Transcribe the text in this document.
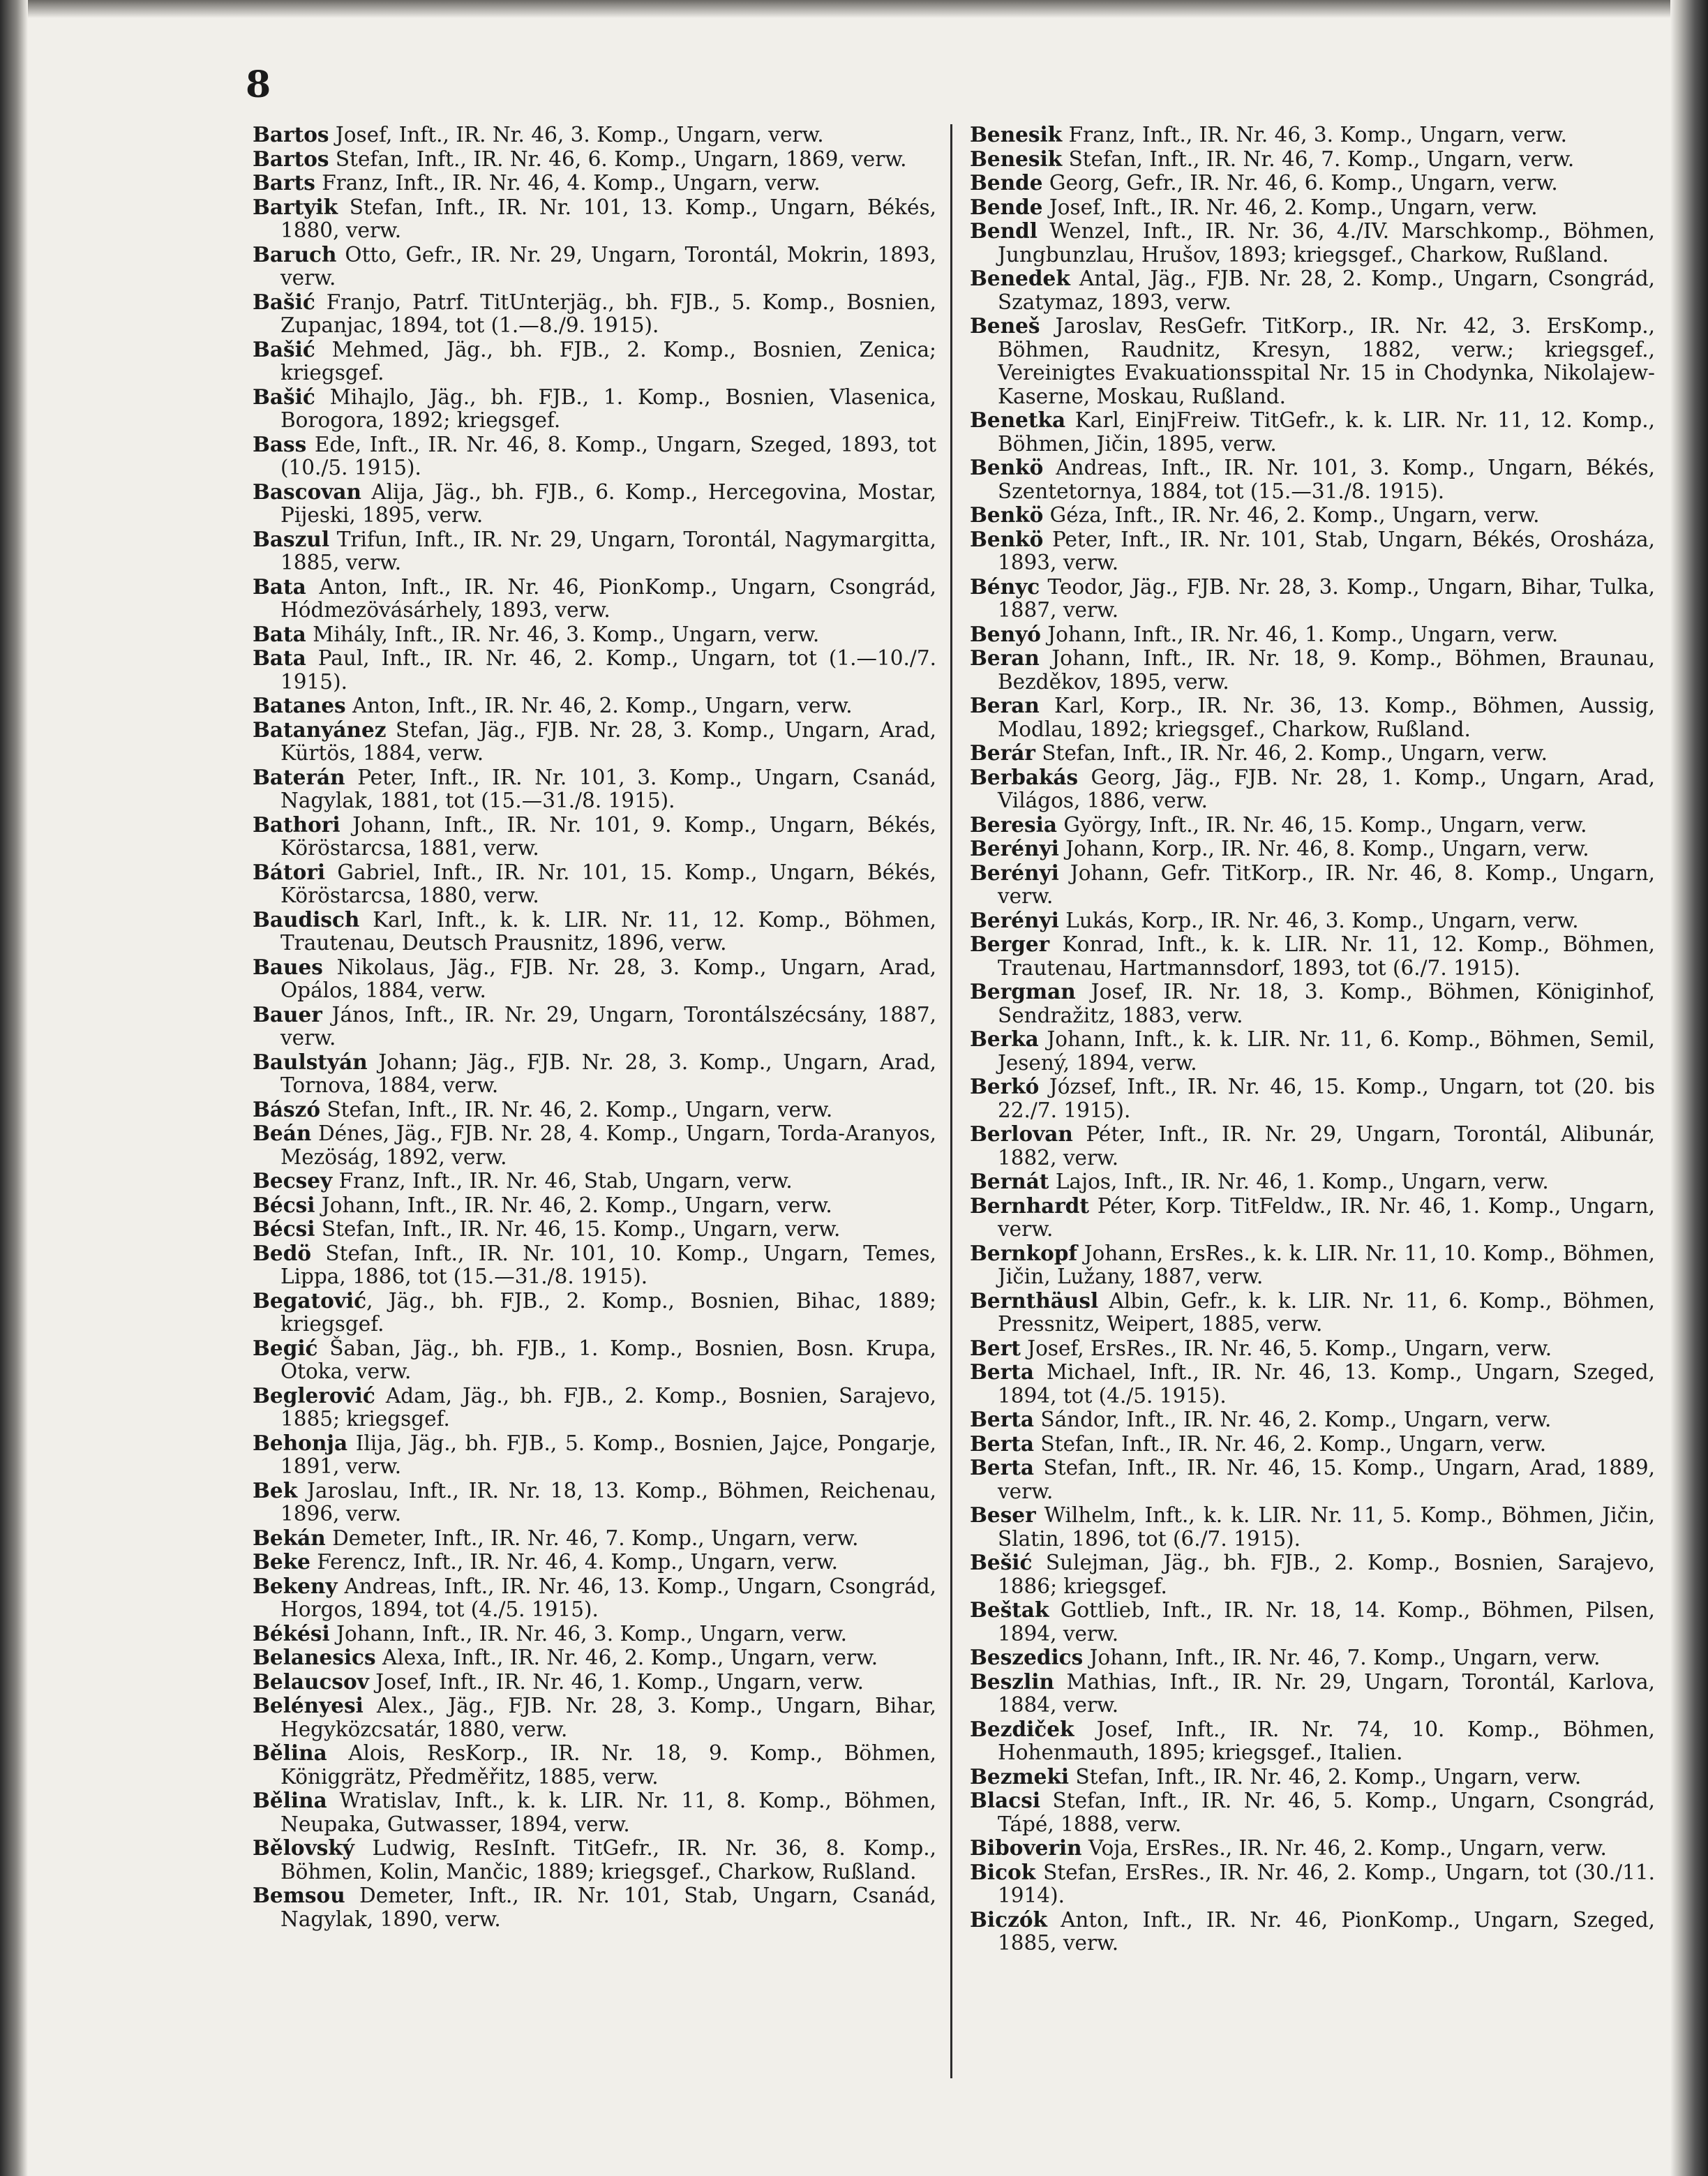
8

Bartos Josef, Inft., IR. Nr. 46, 3. Komp., Ungarn, verw.

Bartos Stefan, Inft., IR. Nr. 46, 6. Komp., Ungarn, 1869, verw.

Barts Franz, Inft., IR. Nr. 46, 4. Komp., Ungarn, verw.

Bartyik Stefan, Inft., IR. Nr. 101, 13. Komp., Ungarn, Békés, 1880, verw.

Baruch Otto, Gefr., IR. Nr. 29, Ungarn, Torontál, Mokrin, 1893, verw.

Bašić Franjo, Patrf. TitUnterjäg., bh. FJB., 5. Komp., Bosnien, Zupanjac, 1894, tot (1.—8./9. 1915).

Bašić Mehmed, Jäg., bh. FJB., 2. Komp., Bosnien, Zenica; kriegsgef.

Bašić Mihajlo, Jäg., bh. FJB., 1. Komp., Bosnien, Vlasenica, Borogora, 1892; kriegsgef.

Bass Ede, Inft., IR. Nr. 46, 8. Komp., Ungarn, Szeged, 1893, tot (10./5. 1915).

Bascovan Alija, Jäg., bh. FJB., 6. Komp., Hercegovina, Mostar, Pijeski, 1895, verw.

Baszul Trifun, Inft., IR. Nr. 29, Ungarn, Torontál, Nagymargitta, 1885, verw.

Bata Anton, Inft., IR. Nr. 46, PionKomp., Ungarn, Csongrád, Hódmezövásárhely, 1893, verw.

Bata Mihály, Inft., IR. Nr. 46, 3. Komp., Ungarn, verw.

Bata Paul, Inft., IR. Nr. 46, 2. Komp., Ungarn, tot (1.—10./7. 1915).

Batanes Anton, Inft., IR. Nr. 46, 2. Komp., Ungarn, verw.

Batanyánez Stefan, Jäg., FJB. Nr. 28, 3. Komp., Ungarn, Arad, Kürtös, 1884, verw.

Baterán Peter, Inft., IR. Nr. 101, 3. Komp., Ungarn, Csanád, Nagylak, 1881, tot (15.—31./8. 1915).

Bathori Johann, Inft., IR. Nr. 101, 9. Komp., Ungarn, Békés, Köröstarcsa, 1881, verw.

Bátori Gabriel, Inft., IR. Nr. 101, 15. Komp., Ungarn, Békés, Köröstarcsa, 1880, verw.

Baudisch Karl, Inft., k. k. LIR. Nr. 11, 12. Komp., Böhmen, Trautenau, Deutsch Prausnitz, 1896, verw.

Baues Nikolaus, Jäg., FJB. Nr. 28, 3. Komp., Ungarn, Arad, Opálos, 1884, verw.

Bauer János, Inft., IR. Nr. 29, Ungarn, Torontálszécsány, 1887, verw.

Baulstyán Johann; Jäg., FJB. Nr. 28, 3. Komp., Ungarn, Arad, Tornova, 1884, verw.

Bászó Stefan, Inft., IR. Nr. 46, 2. Komp., Ungarn, verw.

Beán Dénes, Jäg., FJB. Nr. 28, 4. Komp., Ungarn, Torda-Aranyos, Mezöság, 1892, verw.

Becsey Franz, Inft., IR. Nr. 46, Stab, Ungarn, verw.

Bécsi Johann, Inft., IR. Nr. 46, 2. Komp., Ungarn, verw.

Bécsi Stefan, Inft., IR. Nr. 46, 15. Komp., Ungarn, verw.

Bedö Stefan, Inft., IR. Nr. 101, 10. Komp., Ungarn, Temes, Lippa, 1886, tot (15.—31./8. 1915).

Begatović, Jäg., bh. FJB., 2. Komp., Bosnien, Bihac, 1889; kriegsgef.

Begić Šaban, Jäg., bh. FJB., 1. Komp., Bosnien, Bosn. Krupa, Otoka, verw.

Beglerović Adam, Jäg., bh. FJB., 2. Komp., Bosnien, Sarajevo, 1885; kriegsgef.

Behonja Ilija, Jäg., bh. FJB., 5. Komp., Bosnien, Jajce, Pongarje, 1891, verw.

Bek Jaroslau, Inft., IR. Nr. 18, 13. Komp., Böhmen, Reichenau, 1896, verw.

Bekán Demeter, Inft., IR. Nr. 46, 7. Komp., Ungarn, verw.

Beke Ferencz, Inft., IR. Nr. 46, 4. Komp., Ungarn, verw.

Bekeny Andreas, Inft., IR. Nr. 46, 13. Komp., Ungarn, Csongrád, Horgos, 1894, tot (4./5. 1915).

Békési Johann, Inft., IR. Nr. 46, 3. Komp., Ungarn, verw.

Belanesics Alexa, Inft., IR. Nr. 46, 2. Komp., Ungarn, verw.

Belaucsov Josef, Inft., IR. Nr. 46, 1. Komp., Ungarn, verw.

Belényesi Alex., Jäg., FJB. Nr. 28, 3. Komp., Ungarn, Bihar, Hegyközcsatár, 1880, verw.

Bělina Alois, ResKorp., IR. Nr. 18, 9. Komp., Böhmen, Königgrätz, Předměřitz, 1885, verw.

Bělina Wratislav, Inft., k. k. LIR. Nr. 11, 8. Komp., Böhmen, Neupaka, Gutwasser, 1894, verw.

Bělovský Ludwig, ResInft. TitGefr., IR. Nr. 36, 8. Komp., Böhmen, Kolin, Mančic, 1889; kriegsgef., Charkow, Rußland.

Bemsou Demeter, Inft., IR. Nr. 101, Stab, Ungarn, Csanád, Nagylak, 1890, verw.

Benesik Franz, Inft., IR. Nr. 46, 3. Komp., Ungarn, verw.

Benesik Stefan, Inft., IR. Nr. 46, 7. Komp., Ungarn, verw.

Bende Georg, Gefr., IR. Nr. 46, 6. Komp., Ungarn, verw.

Bende Josef, Inft., IR. Nr. 46, 2. Komp., Ungarn, verw.

Bendl Wenzel, Inft., IR. Nr. 36, 4./IV. Marschkomp., Böhmen, Jungbunzlau, Hrušov, 1893; kriegsgef., Charkow, Rußland.

Benedek Antal, Jäg., FJB. Nr. 28, 2. Komp., Ungarn, Csongrád, Szatymaz, 1893, verw.

Beneš Jaroslav, ResGefr. TitKorp., IR. Nr. 42, 3. ErsKomp., Böhmen, Raudnitz, Kresyn, 1882, verw.; kriegsgef., Vereinigtes Evakuationsspital Nr. 15 in Chodynka, Nikolajew-Kaserne, Moskau, Rußland.

Benetka Karl, EinjFreiw. TitGefr., k. k. LIR. Nr. 11, 12. Komp., Böhmen, Jičin, 1895, verw.

Benkö Andreas, Inft., IR. Nr. 101, 3. Komp., Ungarn, Békés, Szentetornya, 1884, tot (15.—31./8. 1915).

Benkö Géza, Inft., IR. Nr. 46, 2. Komp., Ungarn, verw.

Benkö Peter, Inft., IR. Nr. 101, Stab, Ungarn, Békés, Orosháza, 1893, verw.

Bényc Teodor, Jäg., FJB. Nr. 28, 3. Komp., Ungarn, Bihar, Tulka, 1887, verw.

Benyó Johann, Inft., IR. Nr. 46, 1. Komp., Ungarn, verw.

Beran Johann, Inft., IR. Nr. 18, 9. Komp., Böhmen, Braunau, Bezděkov, 1895, verw.

Beran Karl, Korp., IR. Nr. 36, 13. Komp., Böhmen, Aussig, Modlau, 1892; kriegsgef., Charkow, Rußland.

Berár Stefan, Inft., IR. Nr. 46, 2. Komp., Ungarn, verw.

Berbakás Georg, Jäg., FJB. Nr. 28, 1. Komp., Ungarn, Arad, Világos, 1886, verw.

Beresia György, Inft., IR. Nr. 46, 15. Komp., Ungarn, verw.

Berényi Johann, Korp., IR. Nr. 46, 8. Komp., Ungarn, verw.

Berényi Johann, Gefr. TitKorp., IR. Nr. 46, 8. Komp., Ungarn, verw.

Berényi Lukás, Korp., IR. Nr. 46, 3. Komp., Ungarn, verw.

Berger Konrad, Inft., k. k. LIR. Nr. 11, 12. Komp., Böhmen, Trautenau, Hartmannsdorf, 1893, tot (6./7. 1915).

Bergman Josef, IR. Nr. 18, 3. Komp., Böhmen, Königinhof, Sendražitz, 1883, verw.

Berka Johann, Inft., k. k. LIR. Nr. 11, 6. Komp., Böhmen, Semil, Jesený, 1894, verw.

Berkó József, Inft., IR. Nr. 46, 15. Komp., Ungarn, tot (20. bis 22./7. 1915).

Berlovan Péter, Inft., IR. Nr. 29, Ungarn, Torontál, Alibunár, 1882, verw.

Bernát Lajos, Inft., IR. Nr. 46, 1. Komp., Ungarn, verw.

Bernhardt Péter, Korp. TitFeldw., IR. Nr. 46, 1. Komp., Ungarn, verw.

Bernkopf Johann, ErsRes., k. k. LIR. Nr. 11, 10. Komp., Böhmen, Jičin, Lužany, 1887, verw.

Bernthäusl Albin, Gefr., k. k. LIR. Nr. 11, 6. Komp., Böhmen, Pressnitz, Weipert, 1885, verw.

Bert Josef, ErsRes., IR. Nr. 46, 5. Komp., Ungarn, verw.

Berta Michael, Inft., IR. Nr. 46, 13. Komp., Ungarn, Szeged, 1894, tot (4./5. 1915).

Berta Sándor, Inft., IR. Nr. 46, 2. Komp., Ungarn, verw.

Berta Stefan, Inft., IR. Nr. 46, 2. Komp., Ungarn, verw.

Berta Stefan, Inft., IR. Nr. 46, 15. Komp., Ungarn, Arad, 1889, verw.

Beser Wilhelm, Inft., k. k. LIR. Nr. 11, 5. Komp., Böhmen, Jičin, Slatin, 1896, tot (6./7. 1915).

Bešić Sulejman, Jäg., bh. FJB., 2. Komp., Bosnien, Sarajevo, 1886; kriegsgef.

Beštak Gottlieb, Inft., IR. Nr. 18, 14. Komp., Böhmen, Pilsen, 1894, verw.

Beszedics Johann, Inft., IR. Nr. 46, 7. Komp., Ungarn, verw.

Beszlin Mathias, Inft., IR. Nr. 29, Ungarn, Torontál, Karlova, 1884, verw.

Bezdiček Josef, Inft., IR. Nr. 74, 10. Komp., Böhmen, Hohenmauth, 1895; kriegsgef., Italien.

Bezmeki Stefan, Inft., IR. Nr. 46, 2. Komp., Ungarn, verw.

Blacsi Stefan, Inft., IR. Nr. 46, 5. Komp., Ungarn, Csongrád, Tápé, 1888, verw.

Biboverin Voja, ErsRes., IR. Nr. 46, 2. Komp., Ungarn, verw.

Bicok Stefan, ErsRes., IR. Nr. 46, 2. Komp., Ungarn, tot (30./11. 1914).

Biczók Anton, Inft., IR. Nr. 46, PionKomp., Ungarn, Szeged, 1885, verw.
